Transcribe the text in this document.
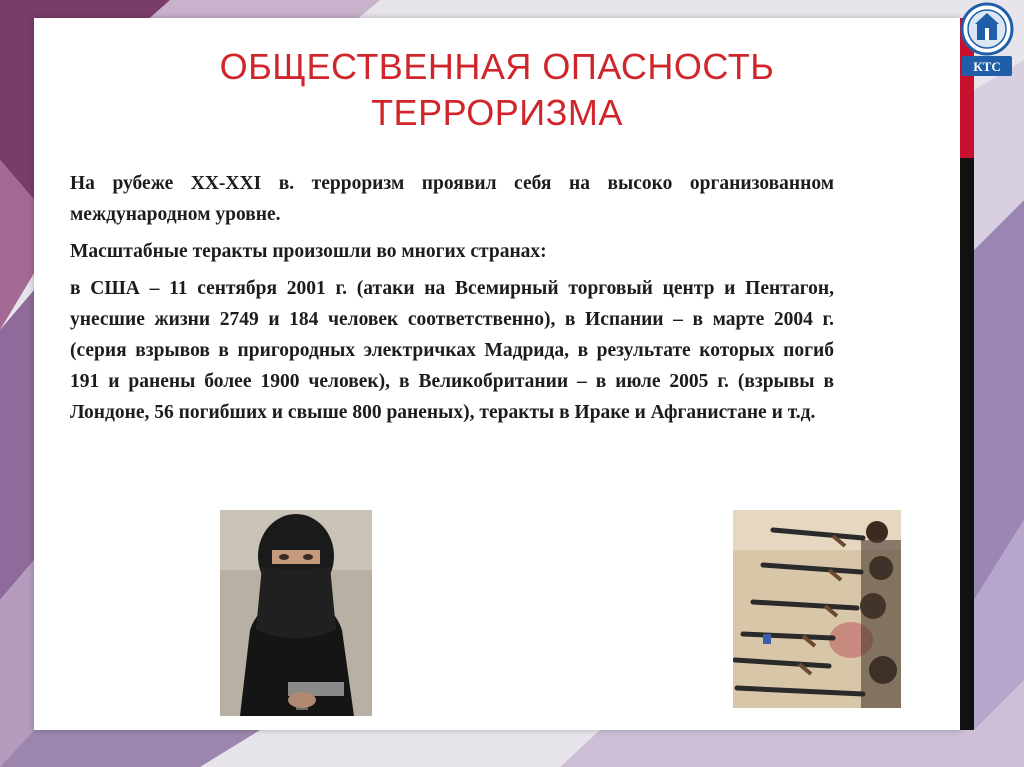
КТС
ОБЩЕСТВЕННАЯ ОПАСНОСТЬ
ТЕРРОРИЗМА

На рубеже XX-XXI в. терроризм проявил себя на высоко организованном международном уровне.

Масштабные теракты произошли во многих странах:

в США – 11 сентября 2001 г. (атаки на Всемирный торговый центр и Пентагон, унесшие жизни 2749 и 184 человек соответственно), в Испании – в марте 2004 г. (серия взрывов в пригородных электричках Мадрида, в результате которых погиб 191 и ранены более 1900 человек), в Великобритании – в июле 2005 г. (взрывы в Лондоне, 56 погибших и свыше 800 раненых), теракты в Ираке и Афганистане и т.д.
